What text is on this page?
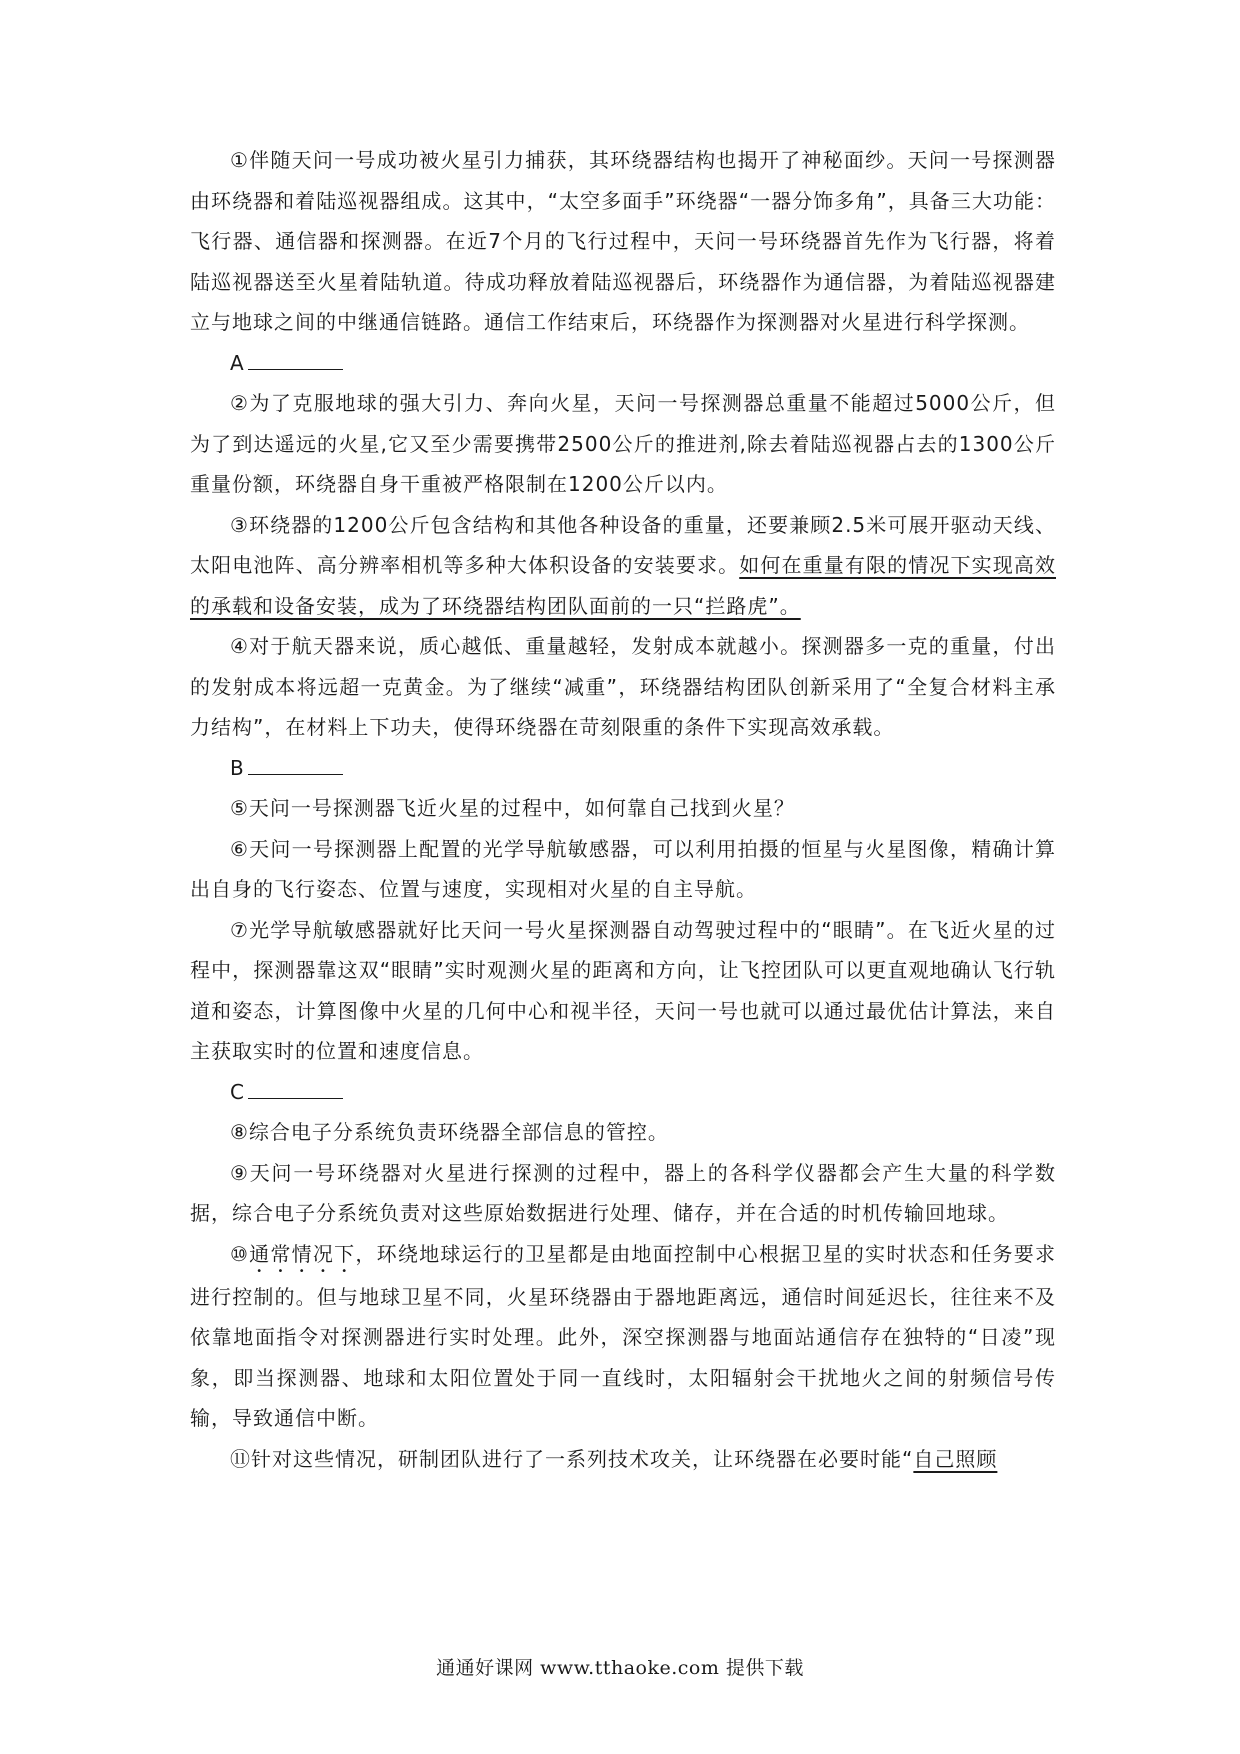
①伴随天问一号成功被火星引力捕获，其环绕器结构也揭开了神秘面纱。天问一号探测器由环绕器和着陆巡视器组成。这其中，“太空多面手”环绕器“一器分饰多角”，具备三大功能：飞行器、通信器和探测器。在近7个月的飞行过程中，天问一号环绕器首先作为飞行器，将着陆巡视器送至火星着陆轨道。待成功释放着陆巡视器后，环绕器作为通信器，为着陆巡视器建立与地球之间的中继通信链路。通信工作结束后，环绕器作为探测器对火星进行科学探测。

A

②为了克服地球的强大引力、奔向火星，天问一号探测器总重量不能超过5000公斤，但为了到达遥远的火星,它又至少需要携带2500公斤的推进剂,除去着陆巡视器占去的1300公斤重量份额，环绕器自身干重被严格限制在1200公斤以内。

③环绕器的1200公斤包含结构和其他各种设备的重量，还要兼顾2.5米可展开驱动天线、太阳电池阵、高分辨率相机等多种大体积设备的安装要求。如何在重量有限的情况下实现高效的承载和设备安装，成为了环绕器结构团队面前的一只“拦路虎”。

④对于航天器来说，质心越低、重量越轻，发射成本就越小。探测器多一克的重量，付出的发射成本将远超一克黄金。为了继续“减重”，环绕器结构团队创新采用了“全复合材料主承力结构”，在材料上下功夫，使得环绕器在苛刻限重的条件下实现高效承载。

B

⑤天问一号探测器飞近火星的过程中，如何靠自己找到火星？

⑥天问一号探测器上配置的光学导航敏感器，可以利用拍摄的恒星与火星图像，精确计算出自身的飞行姿态、位置与速度，实现相对火星的自主导航。

⑦光学导航敏感器就好比天问一号火星探测器自动驾驶过程中的“眼睛”。在飞近火星的过程中，探测器靠这双“眼睛”实时观测火星的距离和方向，让飞控团队可以更直观地确认飞行轨道和姿态，计算图像中火星的几何中心和视半径，天问一号也就可以通过最优估计算法，来自主获取实时的位置和速度信息。

C

⑧综合电子分系统负责环绕器全部信息的管控。

⑨天问一号环绕器对火星进行探测的过程中，器上的各科学仪器都会产生大量的科学数据，综合电子分系统负责对这些原始数据进行处理、储存，并在合适的时机传输回地球。

⑩通常情况下，环绕地球运行的卫星都是由地面控制中心根据卫星的实时状态和任务要求进行控制的。但与地球卫星不同，火星环绕器由于器地距离远，通信时间延迟长，往往来不及依靠地面指令对探测器进行实时处理。此外，深空探测器与地面站通信存在独特的“日凌”现象，即当探测器、地球和太阳位置处于同一直线时，太阳辐射会干扰地火之间的射频信号传输，导致通信中断。

⑪针对这些情况，研制团队进行了一系列技术攻关，让环绕器在必要时能“自己照顾

通通好课网 www.tthaoke.com 提供下载
